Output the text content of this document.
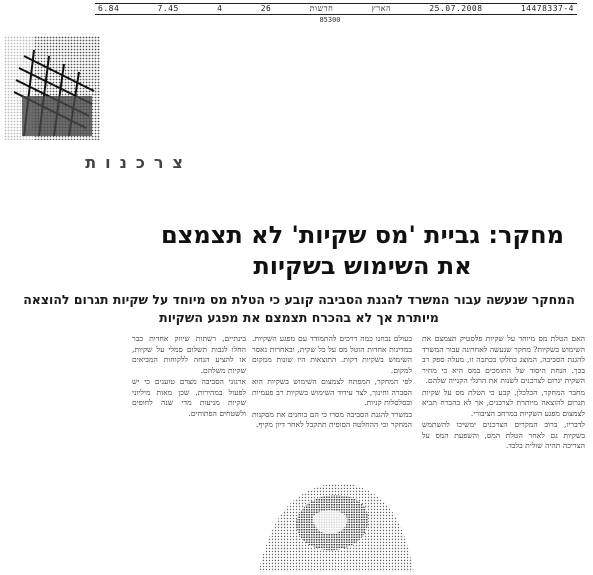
6.84	7.45	4	26	חדשות	הארץ	25.07.2008	14478337-4
85300
צרכנות
מחקר: גביית 'מס שקיות' לא תצמצם את השימוש בשקיות
המחקר שנעשה עבור המשרד להגנת הסביבה קובע כי הטלת מס מיוחד על שקיות תגרום להוצאה מיותרת אך לא בהכרח תצמצם את מפגע השקיות

האם הטלת מס מיוחד על שקיות פלסטיק תצמצם את השימוש בשקיות? מחקר שנעשה לאחרונה עבור המשרד להגנת הסביבה, המוצג בחלקו בכתבה זו, מעלה ספק רב בכך. הנחת היסוד של התומכים במס היא כי מחיר השקית יגרום לצרכנים לשנות את הרגלי הקנייה שלהם.

מחבר המחקר, הכלכלן, קבע כי הטלת מס על שקיות תגרום להוצאה מיותרת לצרכנים, אך לא בהכרח תביא לצמצום מפגע השקיות במרחב הציבורי.

לדבריו, ברוב המקרים הצרכנים ימשיכו להשתמש בשקיות גם לאחר הטלת המס, והשפעת המס על הצריכה תהיה שולית בלבד.

בעולם נבחנו כמה דרכים להתמודד עם מפגע השקיות. במדינות אחדות הוטל מס על כל שקית, ובאחרות נאסר השימוש בשקיות דקות. התוצאות היו שונות ממקום למקום.

לפי המחקר, המפתח לצמצום השימוש בשקיות הוא הסברה וחינוך, לצד עידוד השימוש בשקיות רב פעמיות ובסלסלות קניות.

במשרד להגנת הסביבה מסרו כי הם בוחנים את מסקנות המחקר וכי ההחלטה הסופית תתקבל לאחר דיון מקיף.

בינתיים, רשתות שיווק אחדות כבר החלו לגבות תשלום סמלי על שקיות, או להציע הנחה ללקוחות המביאים שקיות משלהם.

ארגוני הסביבה מצדם טוענים כי יש לפעול במהירות, שכן מאות מיליוני שקיות מגיעות מדי שנה לחופים ולשטחים הפתוחים.
